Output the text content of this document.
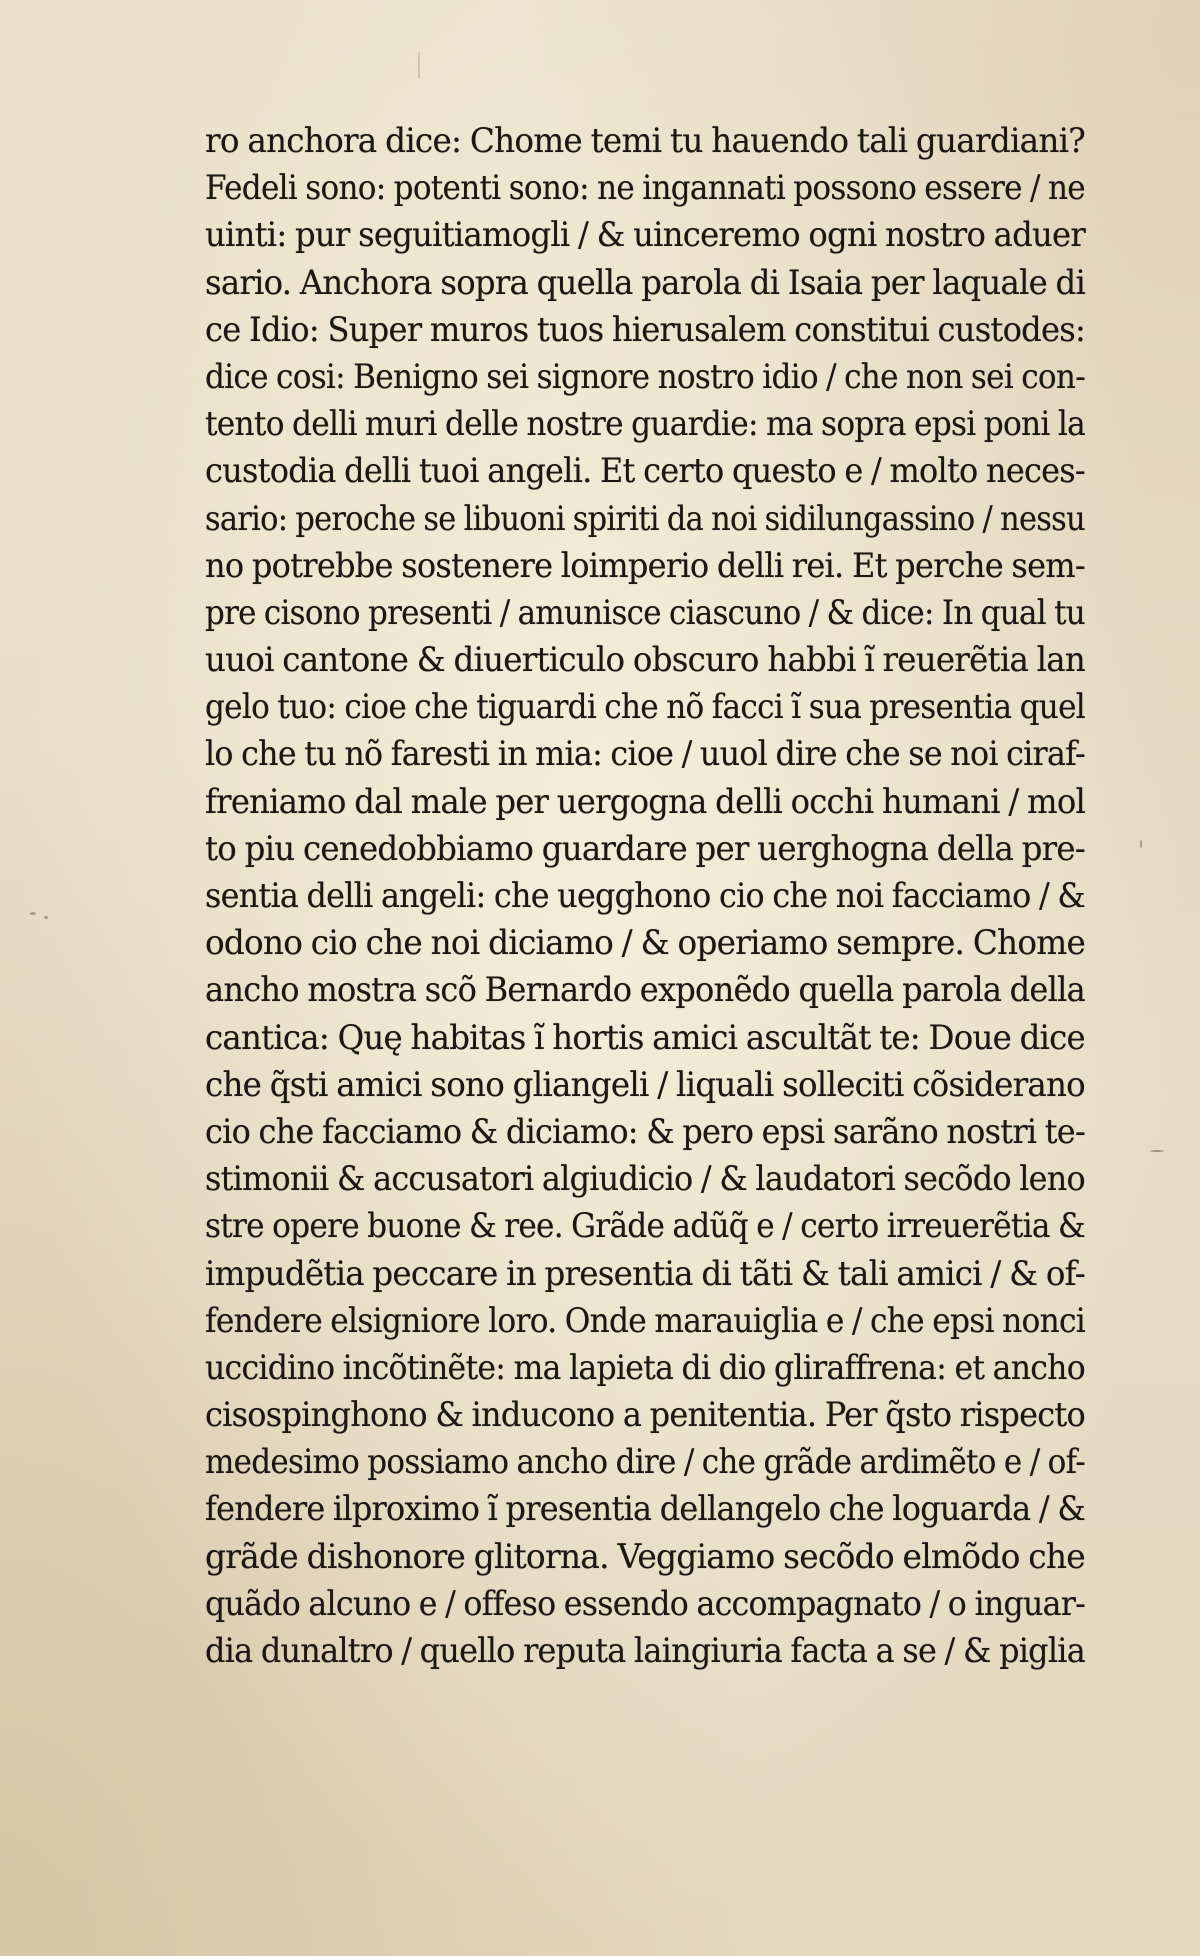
ro anchora dice: Chome temi tu hauendo tali guardiani?
Fedeli sono: potenti sono: ne ingannati possono essere / ne
uinti: pur seguitiamogli / & uinceremo ogni nostro aduer
sario. Anchora sopra quella parola di Isaia per laquale di
ce Idio: Super muros tuos hierusalem constitui custodes:
dice cosi: Benigno sei signore nostro idio / che non sei con-
tento delli muri delle nostre guardie: ma sopra epsi poni la
custodia delli tuoi angeli. Et certo questo e / molto neces-
sario: peroche se libuoni spiriti da noi sidilungassino / nessu
no potrebbe sostenere loimperio delli rei. Et perche sem-
pre cisono presenti / amunisce ciascuno / & dice: In qual tu
uuoi cantone & diuerticulo obscuro habbi ĩ reuerẽtia lan
gelo tuo: cioe che tiguardi che nõ facci ĩ sua presentia quel
lo che tu nõ faresti in mia: cioe / uuol dire che se noi ciraf-
freniamo dal male per uergogna delli occhi humani / mol
to piu cenedobbiamo guardare per uerghogna della pre-
sentia delli angeli: che uegghono cio che noi facciamo / &
odono cio che noi diciamo / & operiamo sempre. Chome
ancho mostra scõ Bernardo exponẽdo quella parola della
cantica: Quę habitas ĩ hortis amici ascultãt te: Doue dice
che q̃sti amici sono gliangeli / liquali solleciti cõsiderano
cio che facciamo & diciamo: & pero epsi sarãno nostri te-
stimonii & accusatori algiudicio / & laudatori secõdo leno
stre opere buone & ree. Grãde adũq̃ e / certo irreuerẽtia &
impudẽtia peccare in presentia di tãti & tali amici / & of-
fendere elsigniore loro. Onde marauiglia e / che epsi nonci
uccidino incõtinẽte: ma lapieta di dio gliraffrena: et ancho
cisospinghono & inducono a penitentia. Per q̃sto rispecto
medesimo possiamo ancho dire / che grãde ardimẽto e / of-
fendere ilproximo ĩ presentia dellangelo che loguarda / &
grãde dishonore glitorna. Veggiamo secõdo elmõdo che
quãdo alcuno e / offeso essendo accompagnato / o inguar-
dia dunaltro / quello reputa laingiuria facta a se / & piglia
